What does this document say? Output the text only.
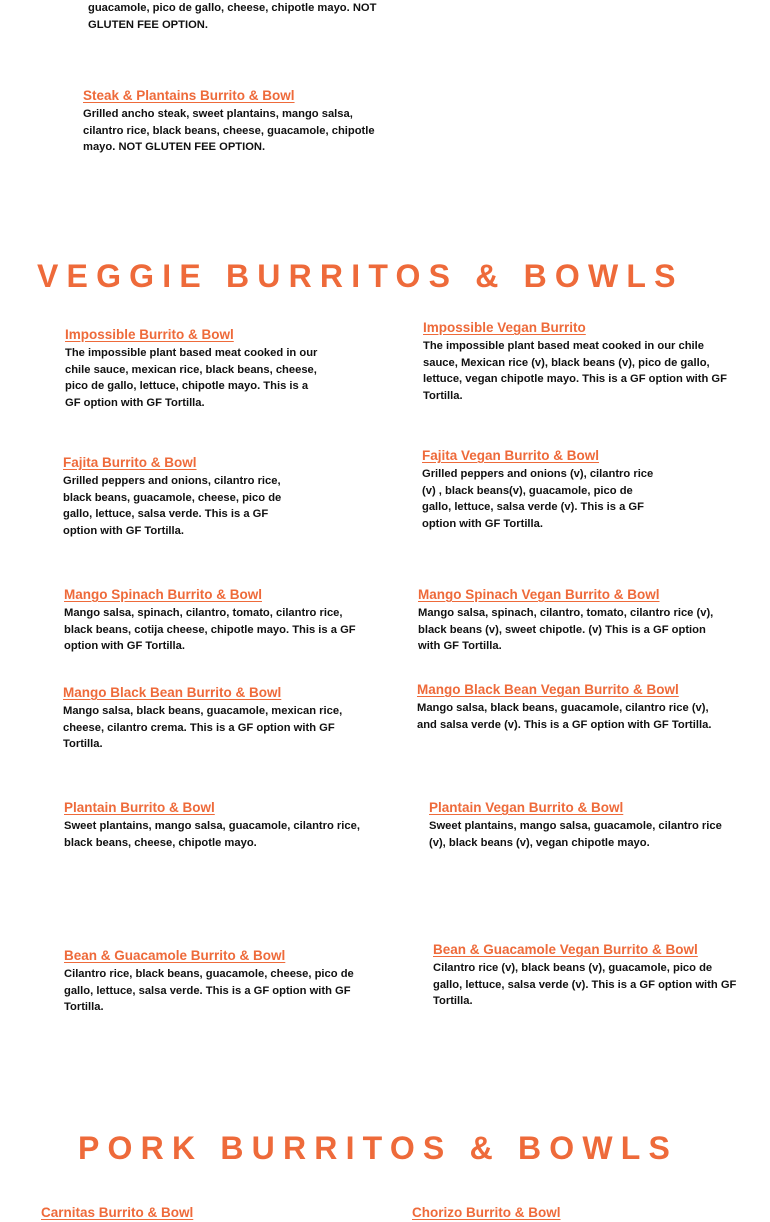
guacamole, pico de gallo, cheese, chipotle mayo. NOT GLUTEN FEE OPTION.
Steak & Plantains Burrito & Bowl
Grilled ancho steak, sweet plantains, mango salsa, cilantro rice, black beans, cheese, guacamole, chipotle mayo. NOT GLUTEN FEE OPTION.
VEGGIE BURRITOS & BOWLS
Impossible Burrito & Bowl
The impossible plant based meat cooked in our chile sauce, mexican rice, black beans, cheese, pico de gallo, lettuce, chipotle mayo. This is a GF option with GF Tortilla.
Impossible Vegan Burrito
The impossible plant based meat cooked in our chile sauce, Mexican rice (v), black beans (v), pico de gallo, lettuce, vegan chipotle mayo. This is a GF option with GF Tortilla.
Fajita Burrito & Bowl
Grilled peppers and onions, cilantro rice, black beans, guacamole, cheese, pico de gallo, lettuce, salsa verde. This is a GF option with GF Tortilla.
Fajita Vegan Burrito & Bowl
Grilled peppers and onions (v), cilantro rice (v) , black beans(v), guacamole, pico de gallo, lettuce, salsa verde (v). This is a GF option with GF Tortilla.
Mango Spinach Burrito & Bowl
Mango salsa, spinach, cilantro, tomato, cilantro rice, black beans, cotija cheese, chipotle mayo. This is a GF option with GF Tortilla.
Mango Spinach Vegan Burrito & Bowl
Mango salsa, spinach, cilantro, tomato, cilantro rice (v), black beans (v), sweet chipotle. (v) This is a GF option with GF Tortilla.
Mango Black Bean Burrito & Bowl
Mango salsa, black beans, guacamole, mexican rice, cheese, cilantro crema. This is a GF option with GF Tortilla.
Mango Black Bean Vegan Burrito & Bowl
Mango salsa, black beans, guacamole, cilantro rice (v), and salsa verde (v). This is a GF option with GF Tortilla.
Plantain Burrito & Bowl
Sweet plantains, mango salsa, guacamole, cilantro rice, black beans, cheese, chipotle mayo.
Plantain Vegan Burrito & Bowl
Sweet plantains, mango salsa, guacamole, cilantro rice (v), black beans (v), vegan chipotle mayo.
Bean & Guacamole Burrito & Bowl
Cilantro rice, black beans, guacamole, cheese, pico de gallo, lettuce, salsa verde. This is a GF option with GF Tortilla.
Bean & Guacamole Vegan Burrito & Bowl
Cilantro rice (v), black beans (v), guacamole, pico de gallo, lettuce, salsa verde (v). This is a GF option with GF Tortilla.
PORK BURRITOS & BOWLS
Carnitas Burrito & Bowl	Chorizo Burrito & Bowl
